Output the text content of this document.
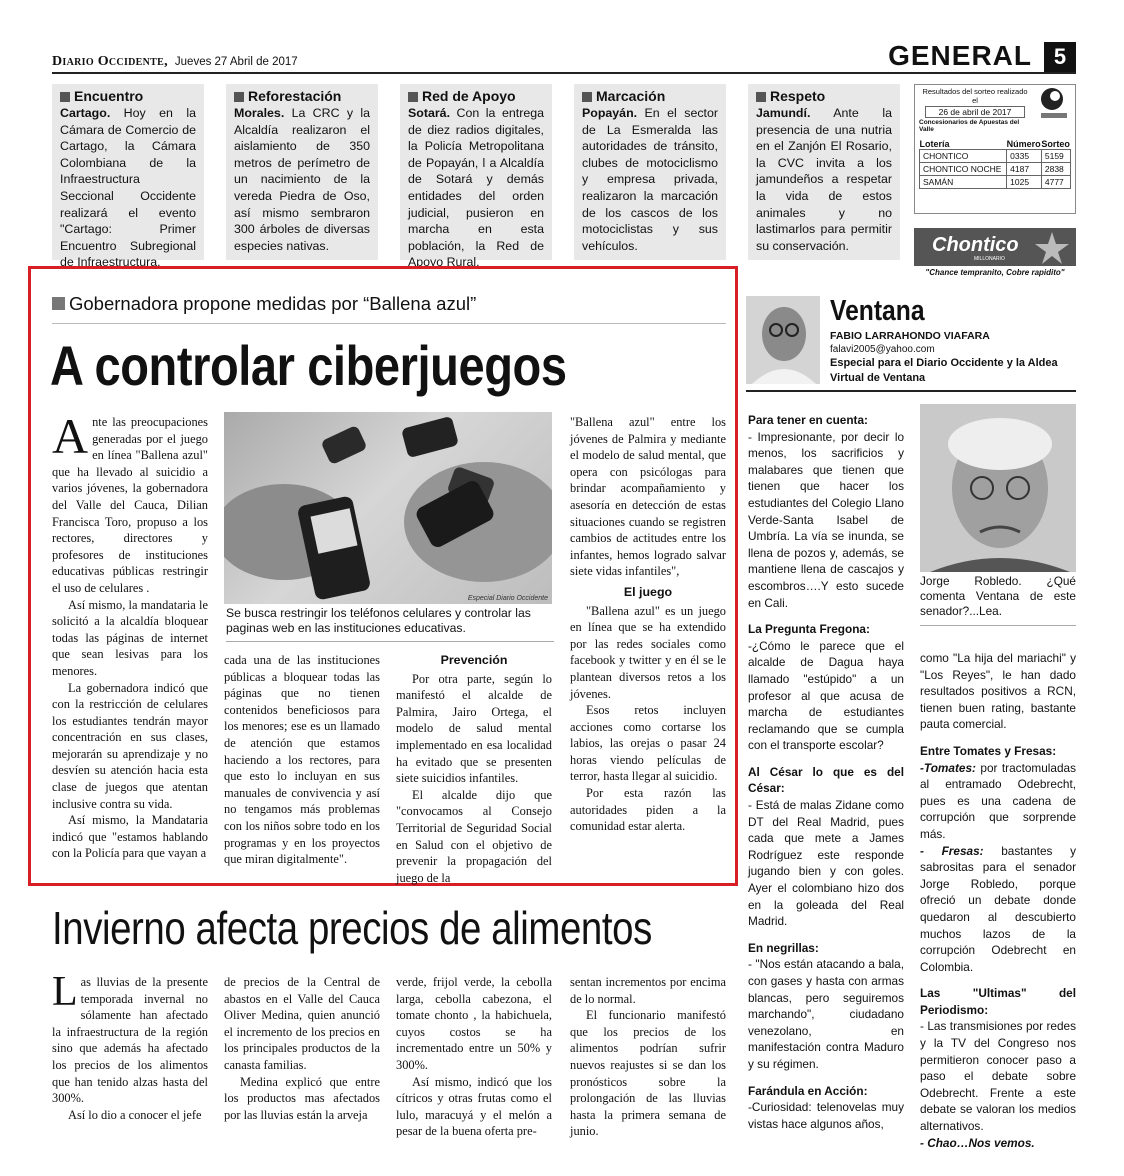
Diario Occidente, Jueves 27 Abril de 2017	GENERAL 5
Encuentro

Cartago. Hoy en la Cámara de Comercio de Cartago, la Cámara Colombiana de la Infraestructura Seccional Occidente realizará el evento "Cartago: Primer Encuentro Subregional de Infraestructura.

Reforestación

Morales. La CRC y la Alcaldía realizaron el aislamiento de 350 metros de perímetro de un nacimiento de la vereda Piedra de Oso, así mismo sembraron 300 árboles de diversas especies nativas.

Red de Apoyo

Sotará. Con la entrega de diez radios digitales, la Policía Metropolitana de Popayán, l a Alcaldía de Sotará y demás entidades del orden judicial, pusieron en marcha en esta población, la Red de Apoyo Rural.

Marcación

Popayán. En el sector de La Esmeralda las autoridades de tránsito, clubes de motociclismo y empresa privada, realizaron la marcación de los cascos de los motociclistas y sus vehículos.

Respeto

Jamundí. Ante la presencia de una nutria en el Zanjón El Rosario, la CVC invita a los jamundeños a respetar la vida de estos animales y no lastimarlos para permitir su conservación.

Resultados del sorteo realizado el
26 de abril de 2017
Concesionarios de Apuestas del Valle
Lotería	Número	Sorteo
CHONTICO	0335	5159
CHONTICO NOCHE	4187	2838
SAMÁN	1025	4777
Chontico
MILLONARIO
"Chance tempranito, Cobre rapidito"
Gobernadora propone medidas por “Ballena azul”
A controlar ciberjuegos
Especial Diario Occidente
Se busca restringir los teléfonos celulares y controlar las paginas web en las instituciones educativas.

Ante las preocupaciones generadas por el juego en línea "Ballena azul" que ha llevado al suicidio a varios jóvenes, la gobernadora del Valle del Cauca, Dilian Francisca Toro, propuso a los rectores, directores y profesores de instituciones educativas públicas restringir el uso de celulares .

Así mismo, la mandataria le solicitó a la alcaldía bloquear todas las páginas de internet que sean lesivas para los menores.

La gobernadora indicó que con la restricción de celulares los estudiantes tendrán mayor concentración en sus clases, mejorarán su aprendizaje y no desvíen su atención hacia esta clase de juegos que atentan inclusive contra su vida.

Así mismo, la Mandataria indicó que "estamos hablando con la Policía para que vayan a

cada una de las instituciones públicas a bloquear todas las páginas que no tienen contenidos beneficiosos para los menores; ese es un llamado de atención que estamos haciendo a los rectores, para que esto lo incluyan en sus manuales de convivencia y así no tengamos más problemas con los niños sobre todo en los programas y en los proyectos que miran digitalmente".

Prevención

Por otra parte, según lo manifestó el alcalde de Palmira, Jairo Ortega, el modelo de salud mental implementado en esa localidad ha evitado que se presenten siete suicidios infantiles.

El alcalde dijo que "convocamos al Consejo Territorial de Seguridad Social en Salud con el objetivo de prevenir la propagación del juego de la

"Ballena azul" entre los jóvenes de Palmira y mediante el modelo de salud mental, que opera con psicólogas para brindar acompañamiento y asesoría en detección de estas situaciones cuando se registren cambios de actitudes entre los infantes, hemos logrado salvar siete vidas infantiles",

El juego

"Ballena azul" es un juego en línea que se ha extendido por las redes sociales como facebook y twitter y en él se le plantean diversos retos a los jóvenes.

Esos retos incluyen acciones como cortarse los labios, las orejas o pasar 24 horas viendo películas de terror, hasta llegar al suicidio.

Por esta razón las autoridades piden a la comunidad estar alerta.

Invierno afecta precios de alimentos

Las lluvias de la presente temporada invernal no sólamente han afectado la infraestructura de la región sino que además ha afectado los precios de los alimentos que han tenido alzas hasta del 300%.

Así lo dio a conocer el jefe

de precios de la Central de abastos en el Valle del Cauca Oliver Medina, quien anunció el incremento de los precios en los principales productos de la canasta familias.

Medina explicó que entre los productos mas afectados por las lluvias están la arveja

verde, frijol verde, la cebolla larga, cebolla cabezona, el tomate chonto , la habichuela, cuyos costos se ha incrementado entre un 50% y 300%.

Así mismo, indicó que los cítricos y otras frutas como el lulo, maracuyá y el melón a pesar de la buena oferta pre-

sentan incrementos por encima de lo normal.

El funcionario manifestó que los precios de los alimentos podrían sufrir nuevos reajustes si se dan los pronósticos sobre la prolongación de las lluvias hasta la primera semana de junio.

Ventana
FABIO LARRAHONDO VIAFARA
falavi2005@yahoo.com
Especial para el Diario Occidente y la Aldea Virtual de Ventana
Jorge Robledo. ¿Qué comenta Ventana de este senador?...Lea.

Para tener en cuenta:

- Impresionante, por decir lo menos, los sacrificios y malabares que tienen que tienen que hacer los estudiantes del Colegio Llano Verde-Santa Isabel de Umbría. La vía se inunda, se llena de pozos y, además, se mantiene llena de cascajos y escombros….Y esto sucede en Cali.

La Pregunta Fregona:

-¿Cómo le parece que el alcalde de Dagua haya llamado "estúpido" a un profesor al que acusa de marcha de estudiantes reclamando que se cumpla con el transporte escolar?

Al César lo que es del César:

- Está de malas Zidane como DT del Real Madrid, pues cada que mete a James Rodríguez este responde jugando bien y con goles. Ayer el colombiano hizo dos en la goleada del Real Madrid.

En negrillas:

- "Nos están atacando a bala, con gases y hasta con armas blancas, pero seguiremos marchando", ciudadano venezolano, en manifestación contra Maduro y su régimen.

Farándula en Acción:

-Curiosidad: telenovelas muy vistas hace algunos años,

como "La hija del mariachi" y "Los Reyes", le han dado resultados positivos a RCN, tienen buen rating, bastante pauta comercial.

Entre Tomates y Fresas:

-Tomates: por tractomuladas al entramado Odebrecht, pues es una cadena de corrupción que sorprende más.

- Fresas: bastantes y sabrositas para el senador Jorge Robledo, porque ofreció un debate donde quedaron al descubierto muchos lazos de la corrupción Odebrecht en Colombia.

Las "Ultimas" del Periodismo:

- Las transmisiones por redes y la TV del Congreso nos permitieron conocer paso a paso el debate sobre Odebrecht. Frente a este debate se valoran los medios alternativos.

- Chao…Nos vemos.
